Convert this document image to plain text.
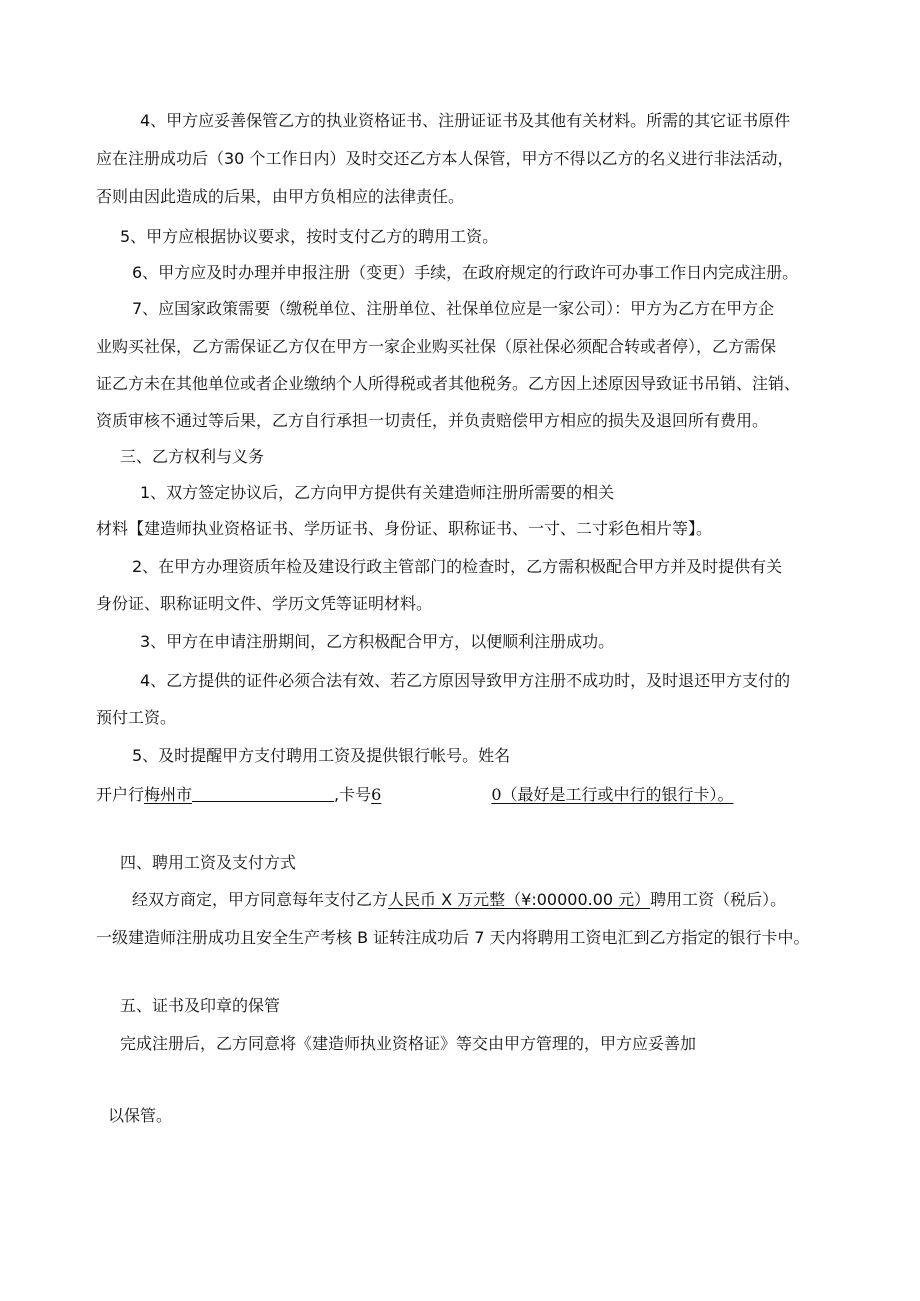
4、甲方应妥善保管乙方的执业资格证书、注册证证书及其他有关材料。所需的其它证书原件
应在注册成功后（30 个工作日内）及时交还乙方本人保管，甲方不得以乙方的名义进行非法活动，
否则由因此造成的后果，由甲方负相应的法律责任。
5、甲方应根据协议要求，按时支付乙方的聘用工资。
6、甲方应及时办理并申报注册（变更）手续，在政府规定的行政许可办事工作日内完成注册。
7、应国家政策需要（缴税单位、注册单位、社保单位应是一家公司）：甲方为乙方在甲方企
业购买社保，乙方需保证乙方仅在甲方一家企业购买社保（原社保必须配合转或者停），乙方需保
证乙方未在其他单位或者企业缴纳个人所得税或者其他税务。乙方因上述原因导致证书吊销、注销、
资质审核不通过等后果，乙方自行承担一切责任，并负责赔偿甲方相应的损失及退回所有费用。
三、乙方权利与义务
1、双方签定协议后，乙方向甲方提供有关建造师注册所需要的相关
材料【建造师执业资格证书、学历证书、身份证、职称证书、一寸、二寸彩色相片等】。
2、在甲方办理资质年检及建设行政主管部门的检查时，乙方需积极配合甲方并及时提供有关
身份证、职称证明文件、学历文凭等证明材料。
3、甲方在申请注册期间，乙方积极配合甲方，以便顺利注册成功。
4、乙方提供的证件必须合法有效、若乙方原因导致甲方注册不成功时，及时退还甲方支付的
预付工资。
5、及时提醒甲方支付聘用工资及提供银行帐号。姓名
开户行梅州市	,卡号6	0（最好是工行或中行的银行卡）。
四、聘用工资及支付方式
经双方商定，甲方同意每年支付乙方人民币 X 万元整（¥:00000.00 元）聘用工资（税后）。
一级建造师注册成功且安全生产考核 B 证转注成功后 7 天内将聘用工资电汇到乙方指定的银行卡中。
五、证书及印章的保管
完成注册后，乙方同意将《建造师执业资格证》等交由甲方管理的，甲方应妥善加
以保管。
